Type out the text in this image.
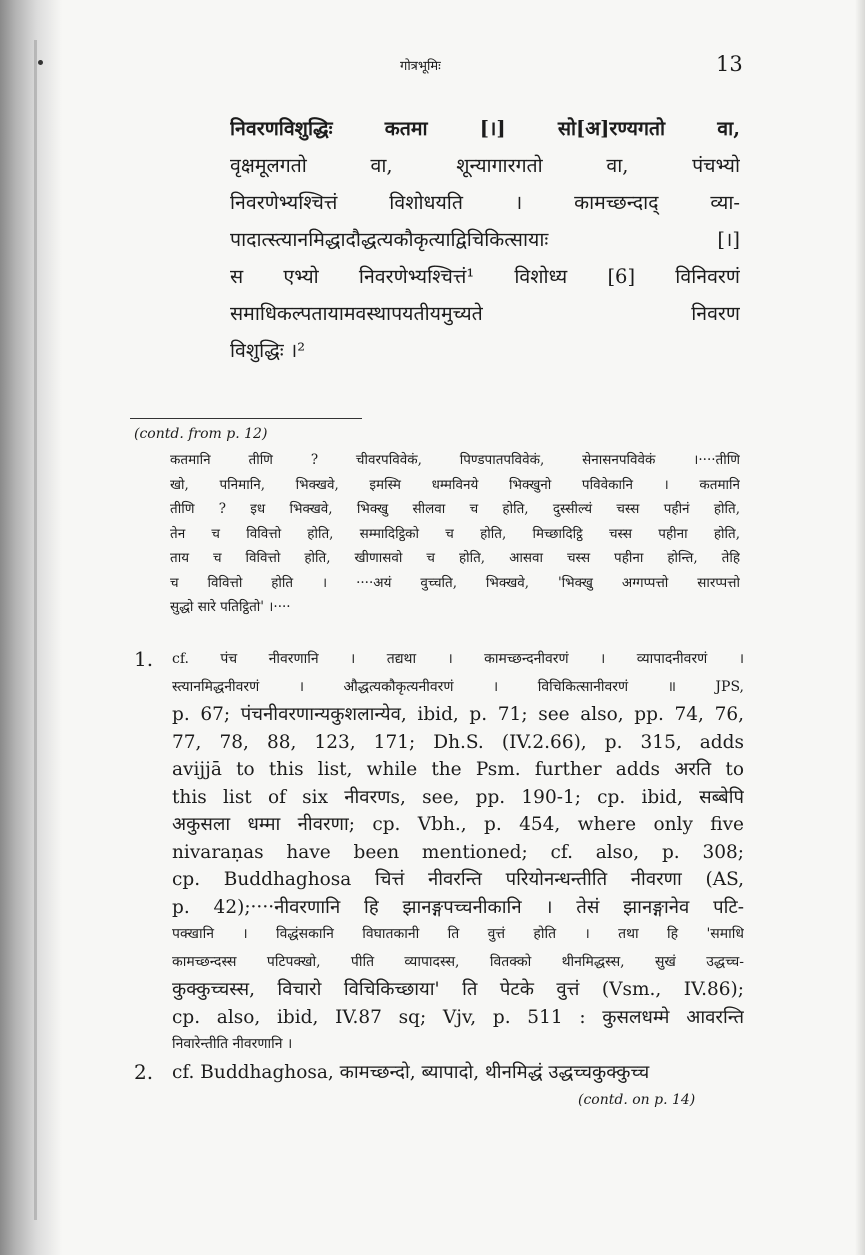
गोत्रभूमिः	13
निवरणविशुद्धिः कतमा [।] सो[अ]रण्यगतो वा,
वृक्षमूलगतो वा, शून्यागारगतो वा, पंचभ्यो
निवरणेभ्यश्चित्तं विशोधयति । कामच्छन्दाद् व्या-
पादात्स्त्यानमिद्धादौद्धत्यकौकृत्याद्विचिकित्सायाः [।]
स एभ्यो निवरणेभ्यश्चित्तं¹ विशोध्य [6] विनिवरणं
समाधिकल्पतायामवस्थापयतीयमुच्यते निवरण
विशुद्धिः ।²
(contd. from p. 12)
कतमानि तीणि ? चीवरपविवेकं, पिण्डपातपविवेकं, सेनासनपविवेकं ।····तीणि
खो, पनिमानि, भिक्खवे, इमस्मि धम्मविनये भिक्खुनो पविवेकानि । कतमानि
तीणि ? इध भिक्खवे, भिक्खु सीलवा च होति, दुस्सील्यं चस्स पहीनं होति,
तेन च विवित्तो होति, सम्मादिट्ठिको च होति, मिच्छादिट्ठि चस्स पहीना होति,
ताय च विवित्तो होति, खीणासवो च होति, आसवा चस्स पहीना होन्ति, तेहि
च विवित्तो होति । ····अयं वुच्चति, भिक्खवे, 'भिक्खु अग्गप्पत्तो सारप्पत्तो
सुद्धो सारे पतिट्ठितो' ।····
1. cf. पंच नीवरणानि । तद्यथा । कामच्छन्दनीवरणं । व्यापादनीवरणं ।
स्त्यानमिद्धनीवरणं । औद्धत्यकौकृत्यनीवरणं । विचिकित्सानीवरणं ॥ JPS,
p. 67; पंचनीवरणान्यकुशलान्येव, ibid, p. 71; see also, pp. 74, 76,
77, 78, 88, 123, 171; Dh.S. (IV.2.66), p. 315, adds
avijjā to this list, while the Psm. further adds अरति to
this list of six नीवरणs, see, pp. 190-1; cp. ibid, सब्बेपि
अकुसला धम्मा नीवरणा; cp. Vbh., p. 454, where only five
nivaraṇas have been mentioned; cf. also, p. 308;
cp. Buddhaghosa चित्तं नीवरन्ति परियोनन्धन्तीति नीवरणा (AS,
p. 42);····नीवरणानि हि झानङ्गपच्चनीकानि । तेसं झानङ्गानेव पटि-
पक्खानि । विद्धंसकानि विघातकानी ति वुत्तं होति । तथा हि 'समाधि
कामच्छन्दस्स पटिपक्खो, पीति व्यापादस्स, वितक्को थीनमिद्धस्स, सुखं उद्धच्च-
कुक्कुच्चस्स, विचारो विचिकिच्छाया' ति पेटके वुत्तं (Vsm., IV.86);
cp. also, ibid, IV.87 sq; Vjv, p. 511 : कुसलधम्मे आवरन्ति
निवारेन्तीति नीवरणानि ।
2. cf. Buddhaghosa, कामच्छन्दो, ब्यापादो, थीनमिद्धं उद्धच्चकुक्कुच्च
(contd. on p. 14)
